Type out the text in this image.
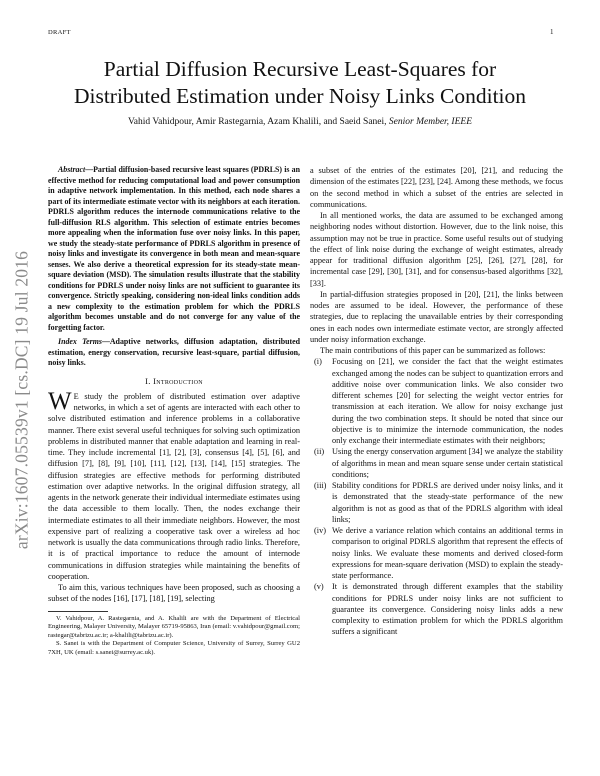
DRAFT	1
arXiv:1607.05539v1 [cs.DC] 19 Jul 2016
Partial Diffusion Recursive Least-Squares for
Distributed Estimation under Noisy Links Condition
Vahid Vahidpour, Amir Rastegarnia, Azam Khalili, and Saeid Sanei, Senior Member, IEEE

Abstract—Partial diffusion-based recursive least squares (PDRLS) is an effective method for reducing computational load and power consumption in adaptive network implementation. In this method, each node shares a part of its intermediate estimate vector with its neighbors at each iteration. PDRLS algorithm reduces the internode communications relative to the full-diffusion RLS algorithm. This selection of estimate entries becomes more appealing when the information fuse over noisy links. In this paper, we study the steady-state performance of PDRLS algorithm in presence of noisy links and investigate its convergence in both mean and mean-square senses. We also derive a theoretical expression for its steady-state mean-square deviation (MSD). The simulation results illustrate that the stability conditions for PDRLS under noisy links are not sufficient to guarantee its convergence. Strictly speaking, considering non-ideal links condition adds a new complexity to the estimation problem for which the PDRLS algorithm becomes unstable and do not converge for any value of the forgetting factor.

Index Terms—Adaptive networks, diffusion adaptation, distributed estimation, energy conservation, recursive least-square, partial diffusion, noisy links.

I. Introduction

W E study the problem of distributed estimation over adaptive networks, in which a set of agents are interacted with each other to solve distributed estimation and inference problems in a collaborative manner. There exist several useful techniques for solving such optimization problems in distributed manner that enable adaptation and learning in real-time. They include incremental [1], [2], [3], consensus [4], [5], [6], and diffusion [7], [8], [9], [10], [11], [12], [13], [14], [15] strategies. The diffusion strategies are effective methods for performing distributed estimation over adaptive networks. In the original diffusion strategy, all agents in the network generate their individual intermediate estimates using the data accessible to them locally. Then, the nodes exchange their intermediate estimates to all their immediate neighbors. However, the most expensive part of realizing a cooperative task over a wireless ad hoc network is usually the data communications through radio links. Therefore, it is of practical importance to reduce the amount of internode communications in diffusion strategies while maintaining the benefits of cooperation.

To aim this, various techniques have been proposed, such as choosing a subset of the nodes [16], [17], [18], [19], selecting

V. Vahidpour, A. Rastegarnia, and A. Khalili are with the Department of Electrical Engineering, Malayer University, Malayer 65719-95863, Iran (email: v.vahidpour@gmail.com; rastegar@tabrizu.ac.ir; a-khalili@tabrizu.ac.ir).

S. Sanei is with the Department of Computer Science, University of Surrey, Surrey GU2 7XH, UK (email: s.sanei@surrey.ac.uk).

a subset of the entries of the estimates [20], [21], and reducing the dimension of the estimates [22], [23], [24]. Among these methods, we focus on the second method in which a subset of the entries are selected in communications.

In all mentioned works, the data are assumed to be exchanged among neighboring nodes without distortion. However, due to the link noise, this assumption may not be true in practice. Some useful results out of studying the effect of link noise during the exchange of weight estimates, already appear for traditional diffusion algorithm [25], [26], [27], [28], for incremental case [29], [30], [31], and for consensus-based algorithms [32], [33].

In partial-diffusion strategies proposed in [20], [21], the links between nodes are assumed to be ideal. However, the performance of these strategies, due to replacing the unavailable entries by their corresponding ones in each nodes own intermediate estimate vector, are strongly affected under noisy information exchange.

The main contributions of this paper can be summarized as follows:

(i) Focusing on [21], we consider the fact that the weight estimates exchanged among the nodes can be subject to quantization errors and additive noise over communication links. We also consider two different schemes [20] for selecting the weight vector entries for transmission at each iteration. We allow for noisy exchange just during the two combination steps. It should be noted that since our objective is to minimize the internode communication, the nodes only exchange their intermediate estimates with their neighbors;
(ii) Using the energy conservation argument [34] we analyze the stability of algorithms in mean and mean square sense under certain statistical conditions;
(iii) Stability conditions for PDRLS are derived under noisy links, and it is demonstrated that the steady-state performance of the new algorithm is not as good as that of the PDRLS algorithm with ideal links;
(iv) We derive a variance relation which contains an additional terms in comparison to original PDRLS algorithm that represent the effects of noisy links. We evaluate these moments and derived closed-form expressions for mean-square derivation (MSD) to explain the steady-state performance.
(v) It is demonstrated through different examples that the stability conditions for PDRLS under noisy links are not sufficient to guarantee its convergence. Considering noisy links adds a new complexity to estimation problem for which the PDRLS algorithm suffers a significant
